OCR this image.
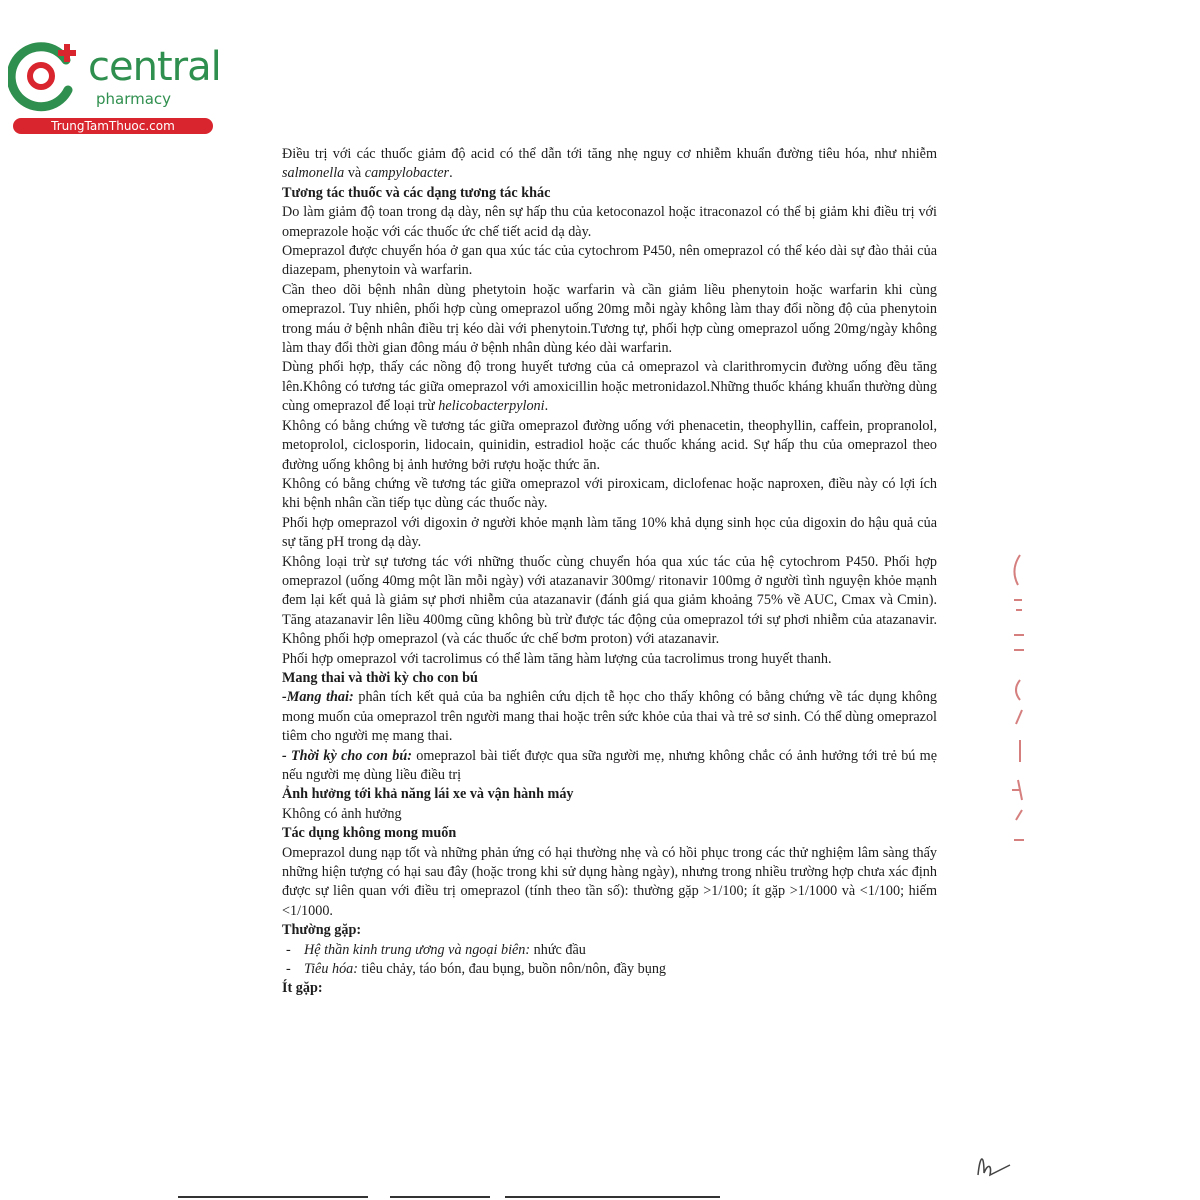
central
pharmacy
TrungTamThuoc.com

Điều trị với các thuốc giảm độ acid có thể dẫn tới tăng nhẹ nguy cơ nhiễm khuẩn đường tiêu hóa, như nhiễm salmonella và campylobacter.

Tương tác thuốc và các dạng tương tác khác

Do làm giảm độ toan trong dạ dày, nên sự hấp thu của ketoconazol hoặc itraconazol có thể bị giảm khi điều trị với omeprazole hoặc với các thuốc ức chế tiết acid dạ dày.

Omeprazol được chuyển hóa ở gan qua xúc tác của cytochrom P450, nên omeprazol có thể kéo dài sự đào thải của diazepam, phenytoin và warfarin.

Cần theo dõi bệnh nhân dùng phetytoin hoặc warfarin và cần giảm liều phenytoin hoặc warfarin khi cùng omeprazol. Tuy nhiên, phối hợp cùng omeprazol uống 20mg mỗi ngày không làm thay đổi nồng độ của phenytoin trong máu ở bệnh nhân điều trị kéo dài với phenytoin.Tương tự, phối hợp cùng omeprazol uống 20mg/ngày không làm thay đổi thời gian đông máu ở bệnh nhân dùng kéo dài warfarin.

Dùng phối hợp, thấy các nồng độ trong huyết tương của cả omeprazol và clarithromycin đường uống đều tăng lên.Không có tương tác giữa omeprazol với amoxicillin hoặc metronidazol.Những thuốc kháng khuẩn thường dùng cùng omeprazol để loại trừ helicobacterpyloni.

Không có bằng chứng về tương tác giữa omeprazol đường uống với phenacetin, theophyllin, caffein, propranolol, metoprolol, ciclosporin, lidocain, quinidin, estradiol hoặc các thuốc kháng acid. Sự hấp thu của omeprazol theo đường uống không bị ảnh hưởng bởi rượu hoặc thức ăn.

Không có bằng chứng về tương tác giữa omeprazol với piroxicam, diclofenac hoặc naproxen, điều này có lợi ích khi bệnh nhân cần tiếp tục dùng các thuốc này.

Phối hợp omeprazol với digoxin ở người khỏe mạnh làm tăng 10% khả dụng sinh học của digoxin do hậu quả của sự tăng pH trong dạ dày.

Không loại trừ sự tương tác với những thuốc cùng chuyển hóa qua xúc tác của hệ cytochrom P450. Phối hợp omeprazol (uống 40mg một lần mỗi ngày) với atazanavir 300mg/ ritonavir 100mg ở người tình nguyện khỏe mạnh đem lại kết quả là giảm sự phơi nhiễm của atazanavir (đánh giá qua giảm khoảng 75% về AUC, Cmax và Cmin). Tăng atazanavir lên liều 400mg cũng không bù trừ được tác động của omeprazol tới sự phơi nhiễm của atazanavir. Không phối hợp omeprazol (và các thuốc ức chế bơm proton) với atazanavir.

Phối hợp omeprazol với tacrolimus có thể làm tăng hàm lượng của tacrolimus trong huyết thanh.

Mang thai và thời kỳ cho con bú

-Mang thai: phân tích kết quả của ba nghiên cứu dịch tễ học cho thấy không có bằng chứng về tác dụng không mong muốn của omeprazol trên người mang thai hoặc trên sức khỏe của thai và trẻ sơ sinh. Có thể dùng omeprazol tiêm cho người mẹ mang thai.

- Thời kỳ cho con bú: omeprazol bài tiết được qua sữa người mẹ, nhưng không chắc có ảnh hưởng tới trẻ bú mẹ nếu người mẹ dùng liều điều trị

Ảnh hưởng tới khả năng lái xe và vận hành máy

Không có ảnh hưởng

Tác dụng không mong muốn

Omeprazol dung nạp tốt và những phản ứng có hại thường nhẹ và có hồi phục trong các thử nghiệm lâm sàng thấy những hiện tượng có hại sau đây (hoặc trong khi sử dụng hàng ngày), nhưng trong nhiều trường hợp chưa xác định được sự liên quan với điều trị omeprazol (tính theo tần số): thường gặp >1/100; ít gặp >1/1000 và <1/100; hiếm <1/1000.

Thường gặp:

- Hệ thần kinh trung ương và ngoại biên: nhức đầu

- Tiêu hóa: tiêu chảy, táo bón, đau bụng, buồn nôn/nôn, đầy bụng

Ít gặp:
